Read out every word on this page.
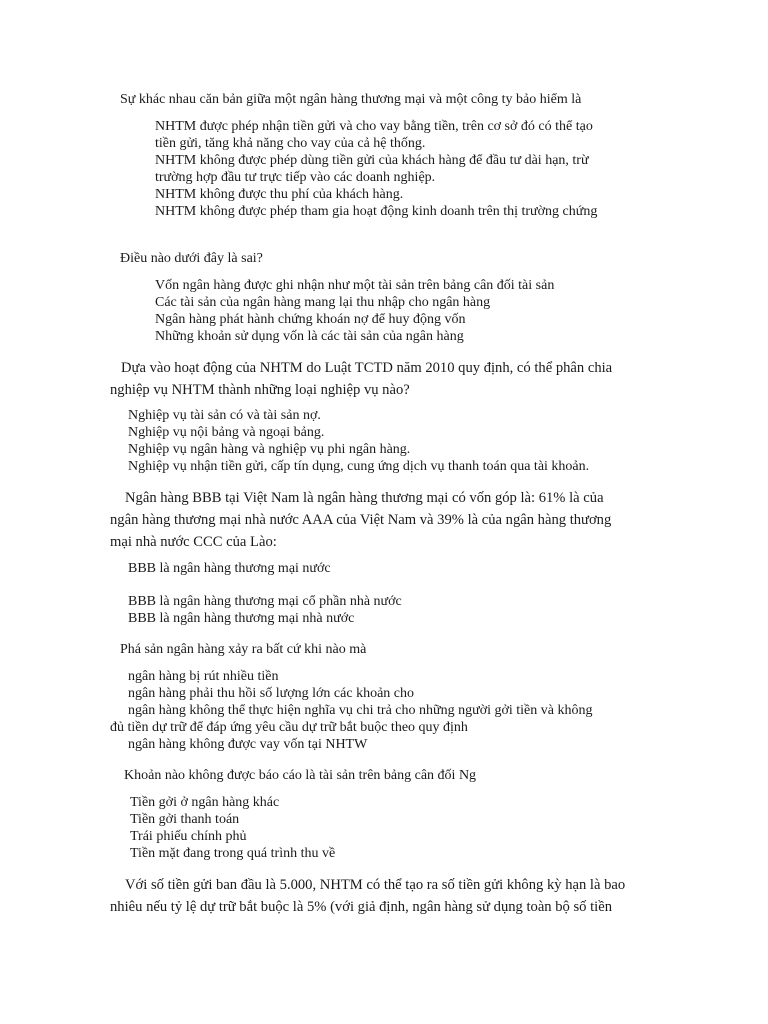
Sự khác nhau căn bản giữa một ngân hàng thương mại và một công ty bảo hiểm là
NHTM được phép nhận tiền gửi và cho vay bằng tiền, trên cơ sở đó có thể tạo
tiền gửi, tăng khả năng cho vay của cả hệ thống.
NHTM không được phép dùng tiền gửi của khách hàng để đầu tư dài hạn, trừ
trường hợp đầu tư trực tiếp vào các doanh nghiệp.
NHTM không được thu phí của khách hàng.
NHTM không được phép tham gia hoạt động kinh doanh trên thị trường chứng
Điều nào dưới đây là sai?
Vốn ngân hàng được ghi nhận như một tài sản trên bảng cân đối tài sản
Các tài sản của ngân hàng mang lại thu nhập cho ngân hàng
Ngân hàng phát hành chứng khoán nợ để huy động vốn
Những khoản sử dụng vốn là các tài sản của ngân hàng
Dựa vào hoạt động của NHTM do Luật TCTD năm 2010 quy định, có thể phân chia
nghiệp vụ NHTM thành những loại nghiệp vụ nào?
Nghiệp vụ tài sản có và tài sản nợ.
Nghiệp vụ nội bảng và ngoại bảng.
Nghiệp vụ ngân hàng và nghiệp vụ phi ngân hàng.
Nghiệp vụ nhận tiền gửi, cấp tín dụng, cung ứng dịch vụ thanh toán qua tài khoản.
Ngân hàng BBB tại Việt Nam là ngân hàng thương mại có vốn góp là: 61% là của
ngân hàng thương mại nhà nước AAA của Việt Nam và 39% là của ngân hàng thương
mại nhà nước CCC của Lào:
BBB là ngân hàng thương mại nước
BBB là ngân hàng thương mại cổ phần nhà nước
BBB là ngân hàng thương mại nhà nước
Phá sản ngân hàng xảy ra bất cứ khi nào mà
ngân hàng bị rút nhiều tiền
ngân hàng phải thu hồi số lượng lớn các khoản cho
ngân hàng không thể thực hiện nghĩa vụ chi trả cho những người gởi tiền và không
đủ tiền dự trữ để đáp ứng yêu cầu dự trữ bắt buộc theo quy định
ngân hàng không được vay vốn tại NHTW
Khoản nào không được báo cáo là tài sản trên bảng cân đối Ng
Tiền gởi ở ngân hàng khác
Tiền gởi thanh toán
Trái phiếu chính phủ
Tiền mặt đang trong quá trình thu về
Với số tiền gửi ban đầu là 5.000, NHTM có thể tạo ra số tiền gửi không kỳ hạn là bao
nhiêu nếu tỷ lệ dự trữ bắt buộc là 5% (với giả định, ngân hàng sử dụng toàn bộ số tiền
